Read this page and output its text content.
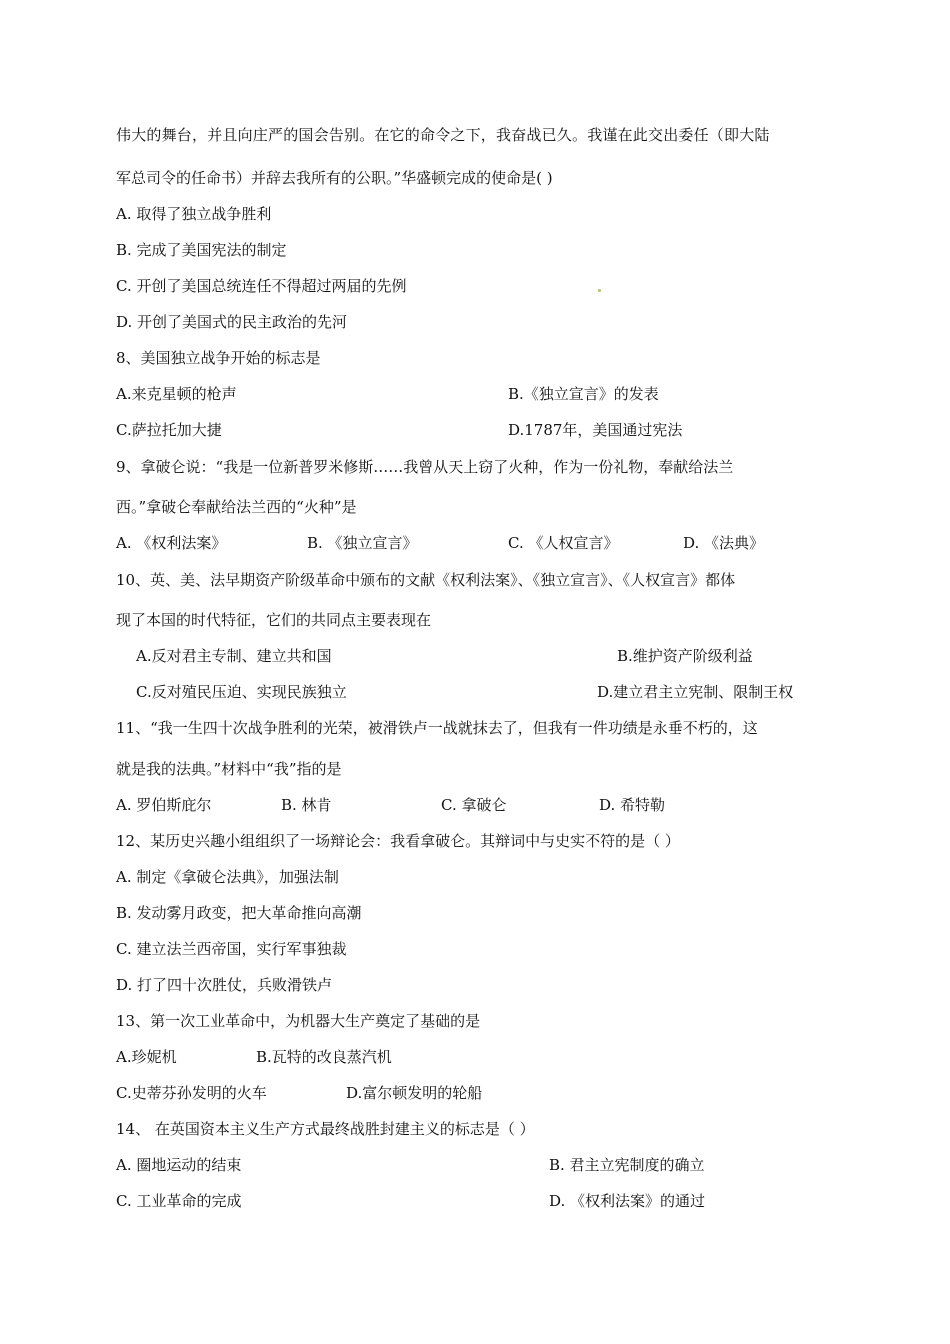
伟大的舞台，并且向庄严的国会告别。在它的命令之下，我奋战已久。我谨在此交出委任（即大陆
军总司令的任命书）并辞去我所有的公职。”华盛顿完成的使命是( )
A. 取得了独立战争胜利
B. 完成了美国宪法的制定
C. 开创了美国总统连任不得超过两届的先例
D. 开创了美国式的民主政治的先河
8、美国独立战争开始的标志是
A.来克星顿的枪声	B.《独立宣言》的发表
C.萨拉托加大捷	D.1787年，美国通过宪法
9、拿破仑说：“我是一位新普罗米修斯……我曾从天上窃了火种，作为一份礼物，奉献给法兰
西。”拿破仑奉献给法兰西的“火种”是
A. 《权利法案》	B. 《独立宣言》	C. 《人权宣言》	D. 《法典》
10、英、美、法早期资产阶级革命中颁布的文献《权利法案》、《独立宣言》、《人权宣言》都体
现了本国的时代特征，它们的共同点主要表现在
A.反对君主专制、建立共和国	B.维护资产阶级利益
C.反对殖民压迫、实现民族独立	D.建立君主立宪制、限制王权
11、“我一生四十次战争胜利的光荣，被滑铁卢一战就抹去了，但我有一件功绩是永垂不朽的，这
就是我的法典。”材料中“我”指的是
A. 罗伯斯庇尔	B. 林肯	C. 拿破仑	D. 希特勒
12、某历史兴趣小组组织了一场辩论会：我看拿破仑。其辩词中与史实不符的是（ ）
A. 制定《拿破仑法典》，加强法制
B. 发动雾月政变，把大革命推向高潮
C. 建立法兰西帝国，实行军事独裁
D. 打了四十次胜仗，兵败滑铁卢
13、第一次工业革命中，为机器大生产奠定了基础的是
A.珍妮机	B.瓦特的改良蒸汽机
C.史蒂芬孙发明的火车	D.富尔顿发明的轮船
14、 在英国资本主义生产方式最终战胜封建主义的标志是（ ）
A. 圈地运动的结束	B. 君主立宪制度的确立
C. 工业革命的完成	D. 《权利法案》的通过
